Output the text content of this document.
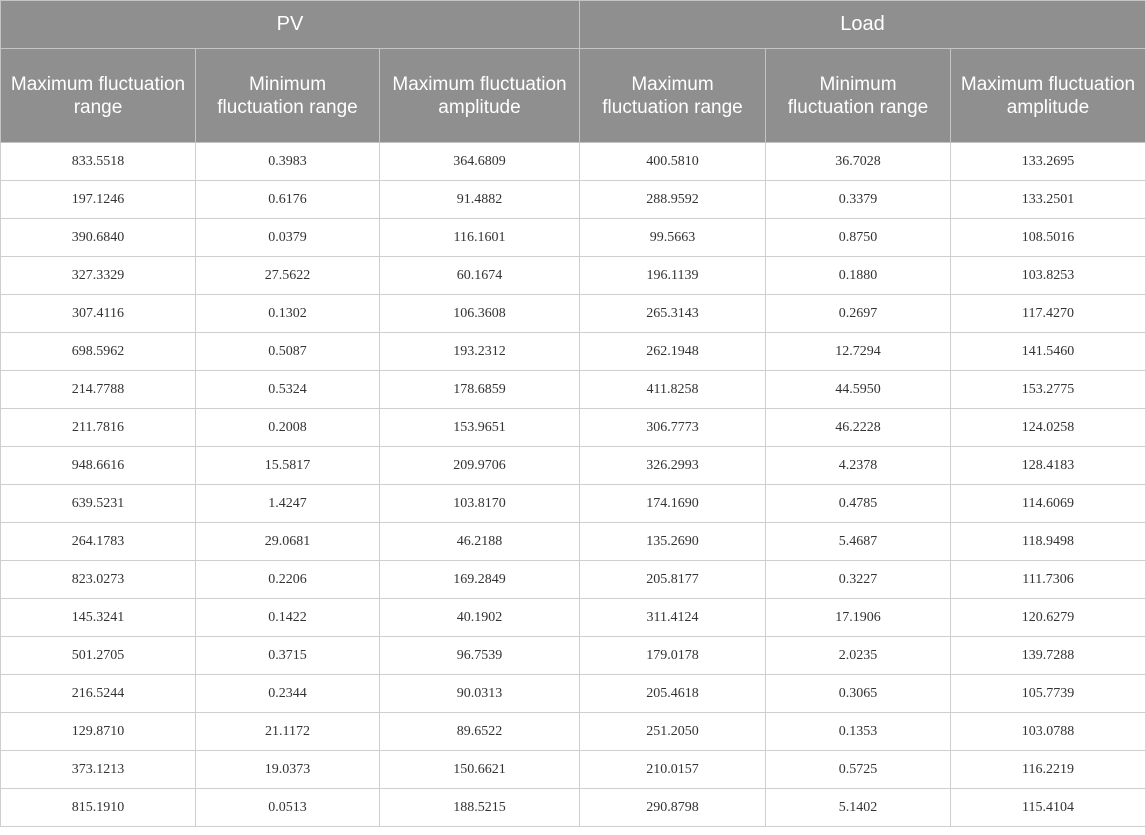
PV			Load		
Maximum fluctuation range	Minimum fluctuation range	Maximum fluctuation amplitude	Maximum fluctuation range	Minimum fluctuation range	Maximum fluctuation amplitude
833.5518	0.3983	364.6809	400.5810	36.7028	133.2695
197.1246	0.6176	91.4882	288.9592	0.3379	133.2501
390.6840	0.0379	116.1601	99.5663	0.8750	108.5016
327.3329	27.5622	60.1674	196.1139	0.1880	103.8253
307.4116	0.1302	106.3608	265.3143	0.2697	117.4270
698.5962	0.5087	193.2312	262.1948	12.7294	141.5460
214.7788	0.5324	178.6859	411.8258	44.5950	153.2775
211.7816	0.2008	153.9651	306.7773	46.2228	124.0258
948.6616	15.5817	209.9706	326.2993	4.2378	128.4183
639.5231	1.4247	103.8170	174.1690	0.4785	114.6069
264.1783	29.0681	46.2188	135.2690	5.4687	118.9498
823.0273	0.2206	169.2849	205.8177	0.3227	111.7306
145.3241	0.1422	40.1902	311.4124	17.1906	120.6279
501.2705	0.3715	96.7539	179.0178	2.0235	139.7288
216.5244	0.2344	90.0313	205.4618	0.3065	105.7739
129.8710	21.1172	89.6522	251.2050	0.1353	103.0788
373.1213	19.0373	150.6621	210.0157	0.5725	116.2219
815.1910	0.0513	188.5215	290.8798	5.1402	115.4104
